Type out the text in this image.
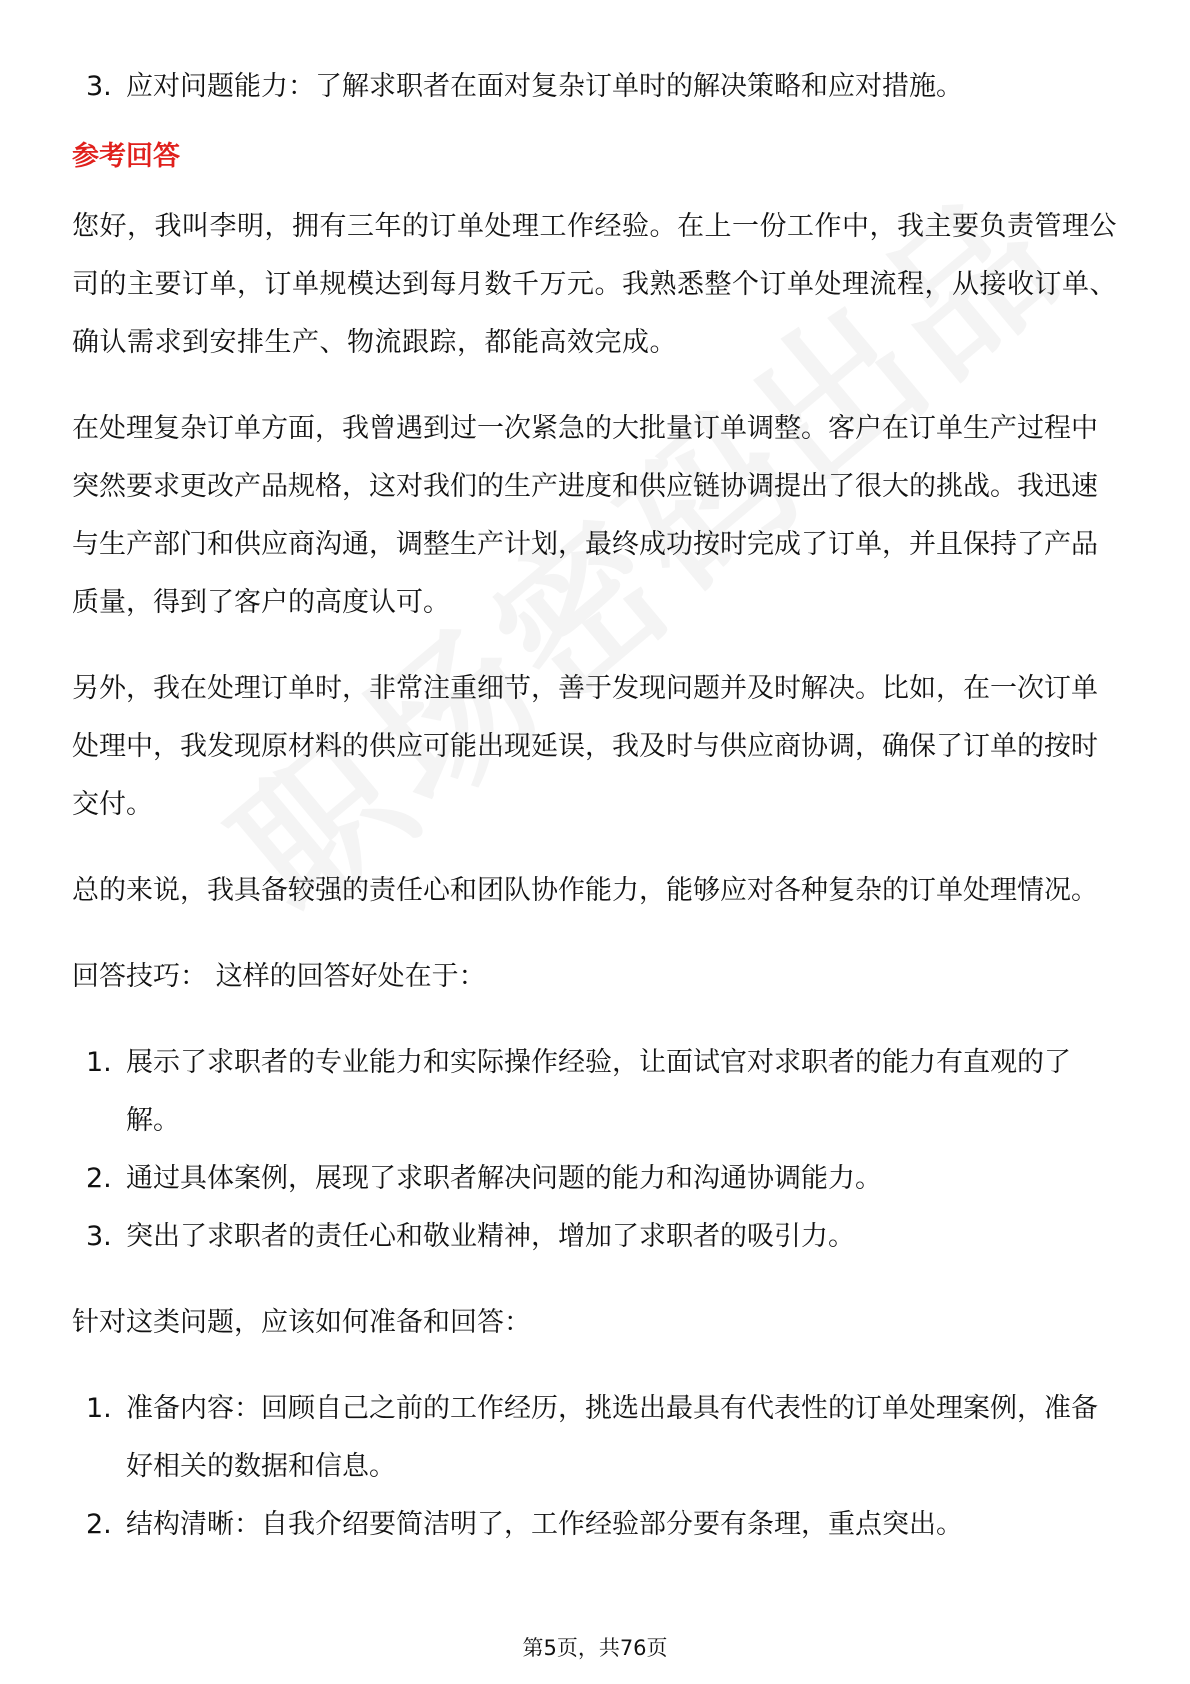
3. 应对问题能力：了解求职者在面对复杂订单时的解决策略和应对措施。

参考回答

您好，我叫李明，拥有三年的订单处理工作经验。在上一份工作中，我主要负责管理公司的主要订单，订单规模达到每月数千万元。我熟悉整个订单处理流程，从接收订单、确认需求到安排生产、物流跟踪，都能高效完成。

在处理复杂订单方面，我曾遇到过一次紧急的大批量订单调整。客户在订单生产过程中突然要求更改产品规格，这对我们的生产进度和供应链协调提出了很大的挑战。我迅速与生产部门和供应商沟通，调整生产计划，最终成功按时完成了订单，并且保持了产品质量，得到了客户的高度认可。

另外，我在处理订单时，非常注重细节，善于发现问题并及时解决。比如，在一次订单处理中，我发现原材料的供应可能出现延误，我及时与供应商协调，确保了订单的按时交付。

总的来说，我具备较强的责任心和团队协作能力，能够应对各种复杂的订单处理情况。

回答技巧： 这样的回答好处在于：

1. 展示了求职者的专业能力和实际操作经验，让面试官对求职者的能力有直观的了解。
2. 通过具体案例，展现了求职者解决问题的能力和沟通协调能力。
3. 突出了求职者的责任心和敬业精神，增加了求职者的吸引力。

针对这类问题，应该如何准备和回答：

1. 准备内容：回顾自己之前的工作经历，挑选出最具有代表性的订单处理案例，准备好相关的数据和信息。
2. 结构清晰：自我介绍要简洁明了，工作经验部分要有条理，重点突出。
第5页，共76页
